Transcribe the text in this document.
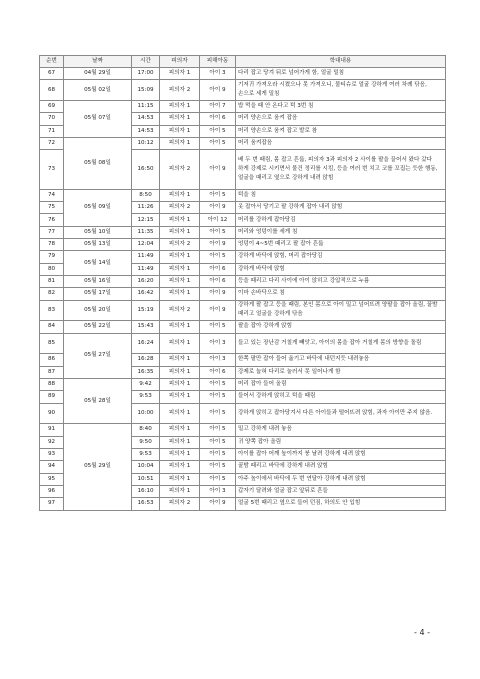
순번	날짜	시간	피의자	피해아동	학대내용
67	04월 29일	17:00	피의자 1	아이 3	다리 잡고 당겨 뒤로 넘어가게 함, 얼굴 밀침
68	05월 02일	15:09	피의자 2	아이 9	기저귀 가져오라 시켰으나 못 가져오니, 물티슈로 얼굴 강하게 여러 차례 닦음, 손으로 세게 밀침
69	05월 07일	11:15	피의자 1	아이 7	밥 먹을 때 안 온다고 턱 3번 침
70		14:53	피의자 1	아이 6	머리 양손으로 움켜 잡음
71		14:53	피의자 1	아이 5	머리 양손으로 움켜 잡고 발로 참
72	05월 08일	10:12	피의자 1	아이 5	머리 움켜잡음
73		16:50	피의자 2	아이 9	베 두 번 때림, 몸 잡고 흔듦, 피의자 3과 피의자 2 사이를 팔을 끌어서 왔다 갔다 하게 강제로 시키면서 물건 정리를 시킴, 등을 여러 번 치고 코를 꼬집는 듯한 행동, 얼굴을 때리고 옆으로 강하게 내려 앉힘
74	05월 09일	8:50	피의자 1	아이 5	턱을 침
75		11:26	피의자 2	아이 9	옷 잡아서 당기고 팔 강하게 잡아 내리 앉힘
76		12:15	피의자 1	아이 12	머리를 강하게 잡아당김
77	05월 10일	11:35	피의자 1	아이 5	머리와 엉덩이를 세게 침
78	05월 13일	12:04	피의자 2	아이 9	엉덩이 4~5번 때리고 팔 잡아 흔듦
79	05월 14일	11:49	피의자 1	아이 5	강하게 바닥에 앉힘, 머리 잡아당김
80		11:49	피의자 1	아이 6	강하게 바닥에 앉힘
81	05월 16일	16:20	피의자 1	아이 6	등을 때리고 다리 사이에 아이 앉히고 강압적으로 누름
82	05월 17일	16:42	피의자 1	아이 9	이마 손바닥으로 침
83	05월 20일	15:19	피의자 2	아이 9	강하게 팔 잡고 등을 때림, 본인 몸으로 아이 밀고 넘어뜨려 양팔을 잡아 올림, 꿀밤 때리고 얼굴을 강하게 닦음
84	05월 22일	15:43	피의자 1	아이 5	팔을 잡아 강하게 앉힘
85	05월 27일	16:24	피의자 1	아이 3	들고 있는 장난감 거칠게 빼앗고, 아이의 몸을 잡아 거칠게 몸의 방향을 돌림
86		16:28	피의자 1	아이 3	한쪽 팔만 잡아 들어 옮기고 바닥에 내던지듯 내려놓음
87		16:35	피의자 1	아이 6	강제로 눕혀 다리로 눌러서 못 일어나게 함
88	05월 28일	9:42	피의자 1	아이 5	머리 잡아 들어 올림
89		9:53	피의자 1	아이 5	들어서 강하게 앉히고 턱을 때림
90		10:00	피의자 1	아이 5	강하게 앉히고 잡아당겨서 다른 아이들과 떨어뜨려 앉힘, 과자 아이만 주지 않음.
91	05월 29일	8:40	피의자 1	아이 5	밀고 강하게 내려 놓음
92		9:50	피의자 1	아이 5	귀 양쪽 잡아 올림
93		9:53	피의자 1	아이 5	아이를 잡아 어깨 높이까지 붕 날려 강하게 내려 앉힘
94		10:04	피의자 1	아이 5	꿀밤 때리고 바닥에 강하게 내려 앉힘
95		10:51	피의자 1	아이 5	아주 높이에서 바닥에 두 번 연달아 강하게 내려 앉힘
96		16:10	피의자 1	아이 3	갑자기 달려와 얼굴 잡고 앞뒤로 흔들
97		16:53	피의자 2	아이 9	얼굴 5번 때리고 옆으로 들어 던짐, 하의도 안 입힘
- 4 -
